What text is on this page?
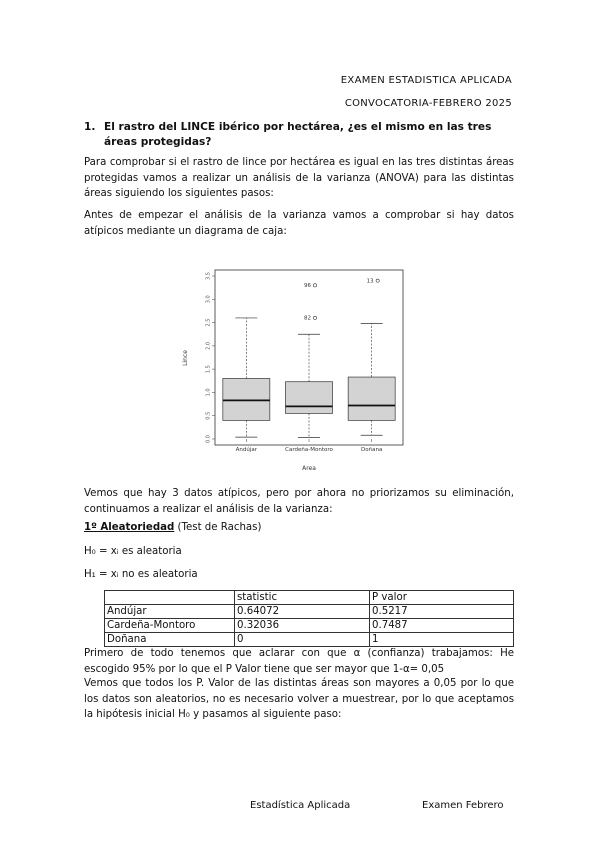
EXAMEN ESTADISTICA APLICADA
CONVOCATORIA-FEBRERO 2025
1. El rastro del LINCE ibérico por hectárea, ¿es el mismo en las tres áreas protegidas?
Para comprobar si el rastro de lince por hectárea es igual en las tres distintas áreas protegidas vamos a realizar un análisis de la varianza (ANOVA) para las distintas áreas siguiendo los siguientes pasos:
Antes de empezar el análisis de la varianza vamos a comprobar si hay datos atípicos mediante un diagrama de caja:
0.0
0.5
1.0
1.5
2.0
2.5
3.0
3.5
Andújar	Cardeña-Montoro
82
96
Doñana
13
Lince
Area
Vemos que hay 3 datos atípicos, pero por ahora no priorizamos su eliminación, continuamos a realizar el análisis de la varianza:
1º Aleatoriedad (Test de Rachas)
H₀ = xᵢ es aleatoria
H₁ = xᵢ no es aleatoria
	statistic	P valor
Andújar	0.64072	0.5217
Cardeña-Montoro	0.32036	0.7487
Doñana	0	1
Primero de todo tenemos que aclarar con que α (confianza) trabajamos: He escogido 95% por lo que el P Valor tiene que ser mayor que 1-α= 0,05
Vemos que todos los P. Valor de las distintas áreas son mayores a 0,05 por lo que los datos son aleatorios, no es necesario volver a muestrear, por lo que aceptamos la hipótesis inicial H₀ y pasamos al siguiente paso:
Estadística Aplicada	Examen Febrero
